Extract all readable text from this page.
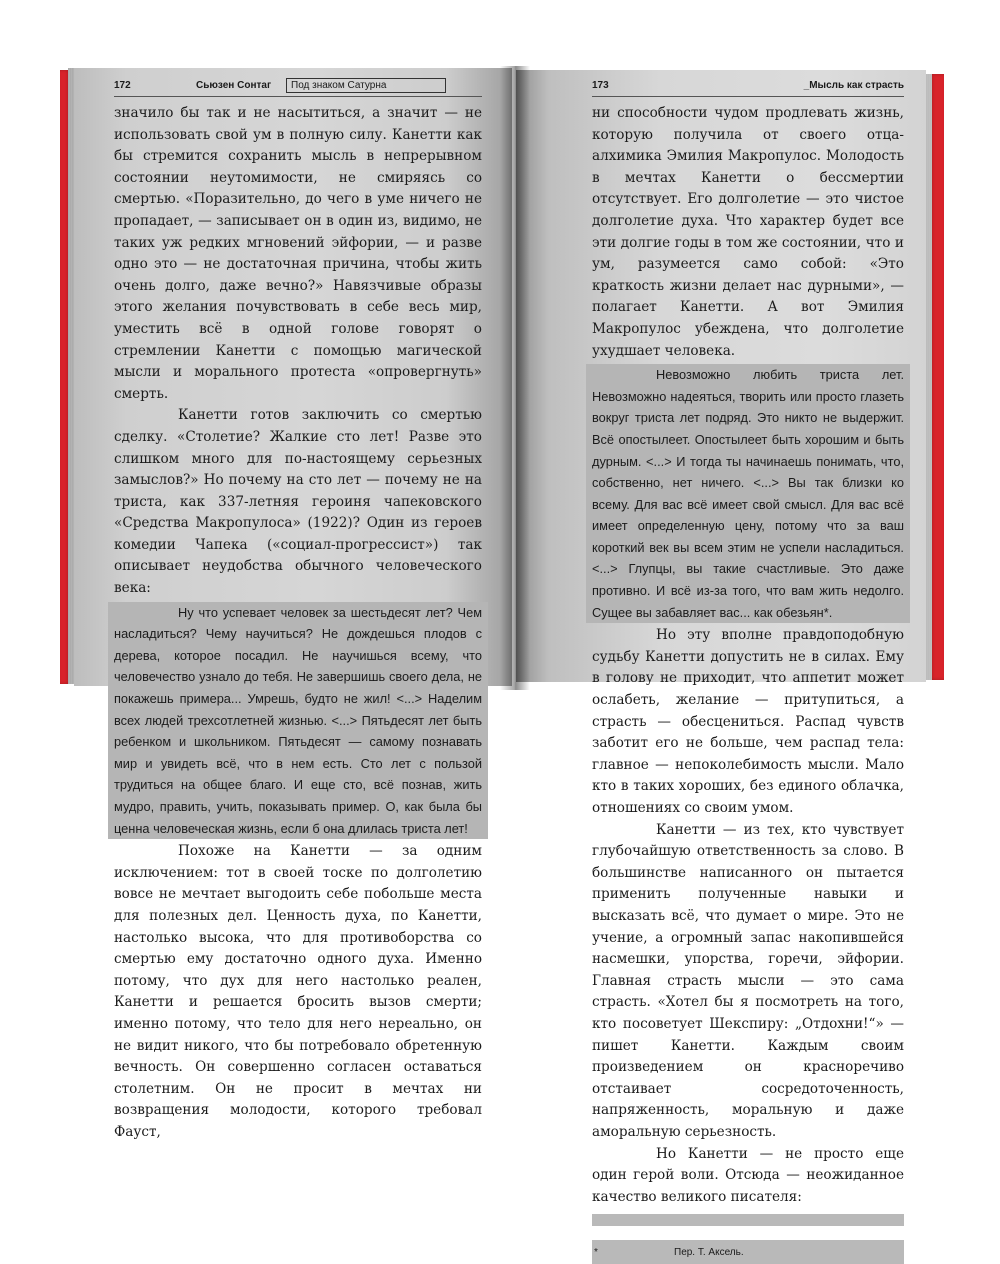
172	Сьюзен Сонтаг	Под знаком Сатурна

значило бы так и не насытиться, а значит — не использовать свой ум в полную силу. Канетти как бы стремится сохранить мысль в непрерывном состоянии неутомимости, не смиряясь со смертью. «Поразительно, до чего в уме ничего не пропадает, — записывает он в один из, видимо, не таких уж редких мгновений эйфории, — и разве одно это — не достаточная причина, чтобы жить очень долго, даже вечно?» Навязчивые образы этого желания почувствовать в себе весь мир, уместить всё в одной голове говорят о стремлении Канетти с помощью магической мысли и морального протеста «опровергнуть» смерть.

Канетти готов заключить со смертью сделку. «Столетие? Жалкие сто лет! Разве это слишком много для по-настоящему серьезных замыслов?» Но почему на сто лет — почему не на триста, как 337-летняя героиня чапековского «Средства Макропулоса» (1922)? Один из героев комедии Чапека («социал-прогрессист») так описывает неудобства обычного человеческого века:

Ну что успевает человек за шестьдесят лет? Чем насладиться? Чему научиться? Не дождешься плодов с дерева, которое посадил. Не научишься всему, что человечество узнало до тебя. Не завершишь своего дела, не покажешь примера... Умрешь, будто не жил! <...> Наделим всех людей трехсотлетней жизнью. <...> Пятьдесят лет быть ребенком и школьником. Пятьдесят — самому познавать мир и увидеть всё, что в нем есть. Сто лет с пользой трудиться на общее благо. И еще сто, всё познав, жить мудро, править, учить, показывать пример. О, как была бы ценна человеческая жизнь, если б она длилась триста лет!

Похоже на Канетти — за одним исключением: тот в своей тоске по долголетию вовсе не мечтает выгодоить себе побольше места для полезных дел. Ценность духа, по Канетти, настолько высока, что для противоборства со смертью ему достаточно одного духа. Именно потому, что дух для него настолько реален, Канетти и решается бросить вызов смерти; именно потому, что тело для него нереально, он не видит никого, что бы потребовало обретенную вечность. Он совершенно согласен оставаться столетним. Он не просит в мечтах ни возвращения молодости, которого требовал Фауст,

173	_Мысль как страсть

ни способности чудом продлевать жизнь, которую получила от своего отца-алхимика Эмилия Макропулос. Молодость в мечтах Канетти о бессмертии отсутствует. Его долголетие — это чистое долголетие духа. Что характер будет все эти долгие годы в том же состоянии, что и ум, разумеется само собой: «Это краткость жизни делает нас дурными», — полагает Канетти. А вот Эмилия Макропулос убеждена, что долголетие ухудшает человека.

Невозможно любить триста лет. Невозможно надеяться, творить или просто глазеть вокруг триста лет подряд. Это никто не выдержит. Всё опостылеет. Опостылеет быть хорошим и быть дурным. <...> И тогда ты начинаешь понимать, что, собственно, нет ничего. <...> Вы так близки ко всему. Для вас всё имеет свой смысл. Для вас всё имеет определенную цену, потому что за ваш короткий век вы всем этим не успели насладиться. <...> Глупцы, вы такие счастливые. Это даже противно. И всё из-за того, что вам жить недолго. Сущее вы забавляет вас... как обезьян*.

Но эту вполне правдоподобную судьбу Канетти допустить не в силах. Ему в голову не приходит, что аппетит может ослабеть, желание — притупиться, а страсть — обесцениться. Распад чувств заботит его не больше, чем распад тела: главное — непоколебимость мысли. Мало кто в таких хороших, без единого облачка, отношениях со своим умом.

Канетти — из тех, кто чувствует глубочайшую ответственность за слово. В большинстве написанного он пытается применить полученные навыки и высказать всё, что думает о мире. Это не учение, а огромный запас накопившейся насмешки, упорства, горечи, эйфории. Главная страсть мысли — это сама страсть. «Хотел бы я посмотреть на того, кто посоветует Шекспиру: „Отдохни!“» — пишет Канетти. Каждым своим произведением он красноречиво отстаивает сосредоточенность, напряженность, моральную и даже аморальную серьезность.

Но Канетти — не просто еще один герой воли. Отсюда — неожиданное качество великого писателя:

*	Пер. Т. Аксель.
